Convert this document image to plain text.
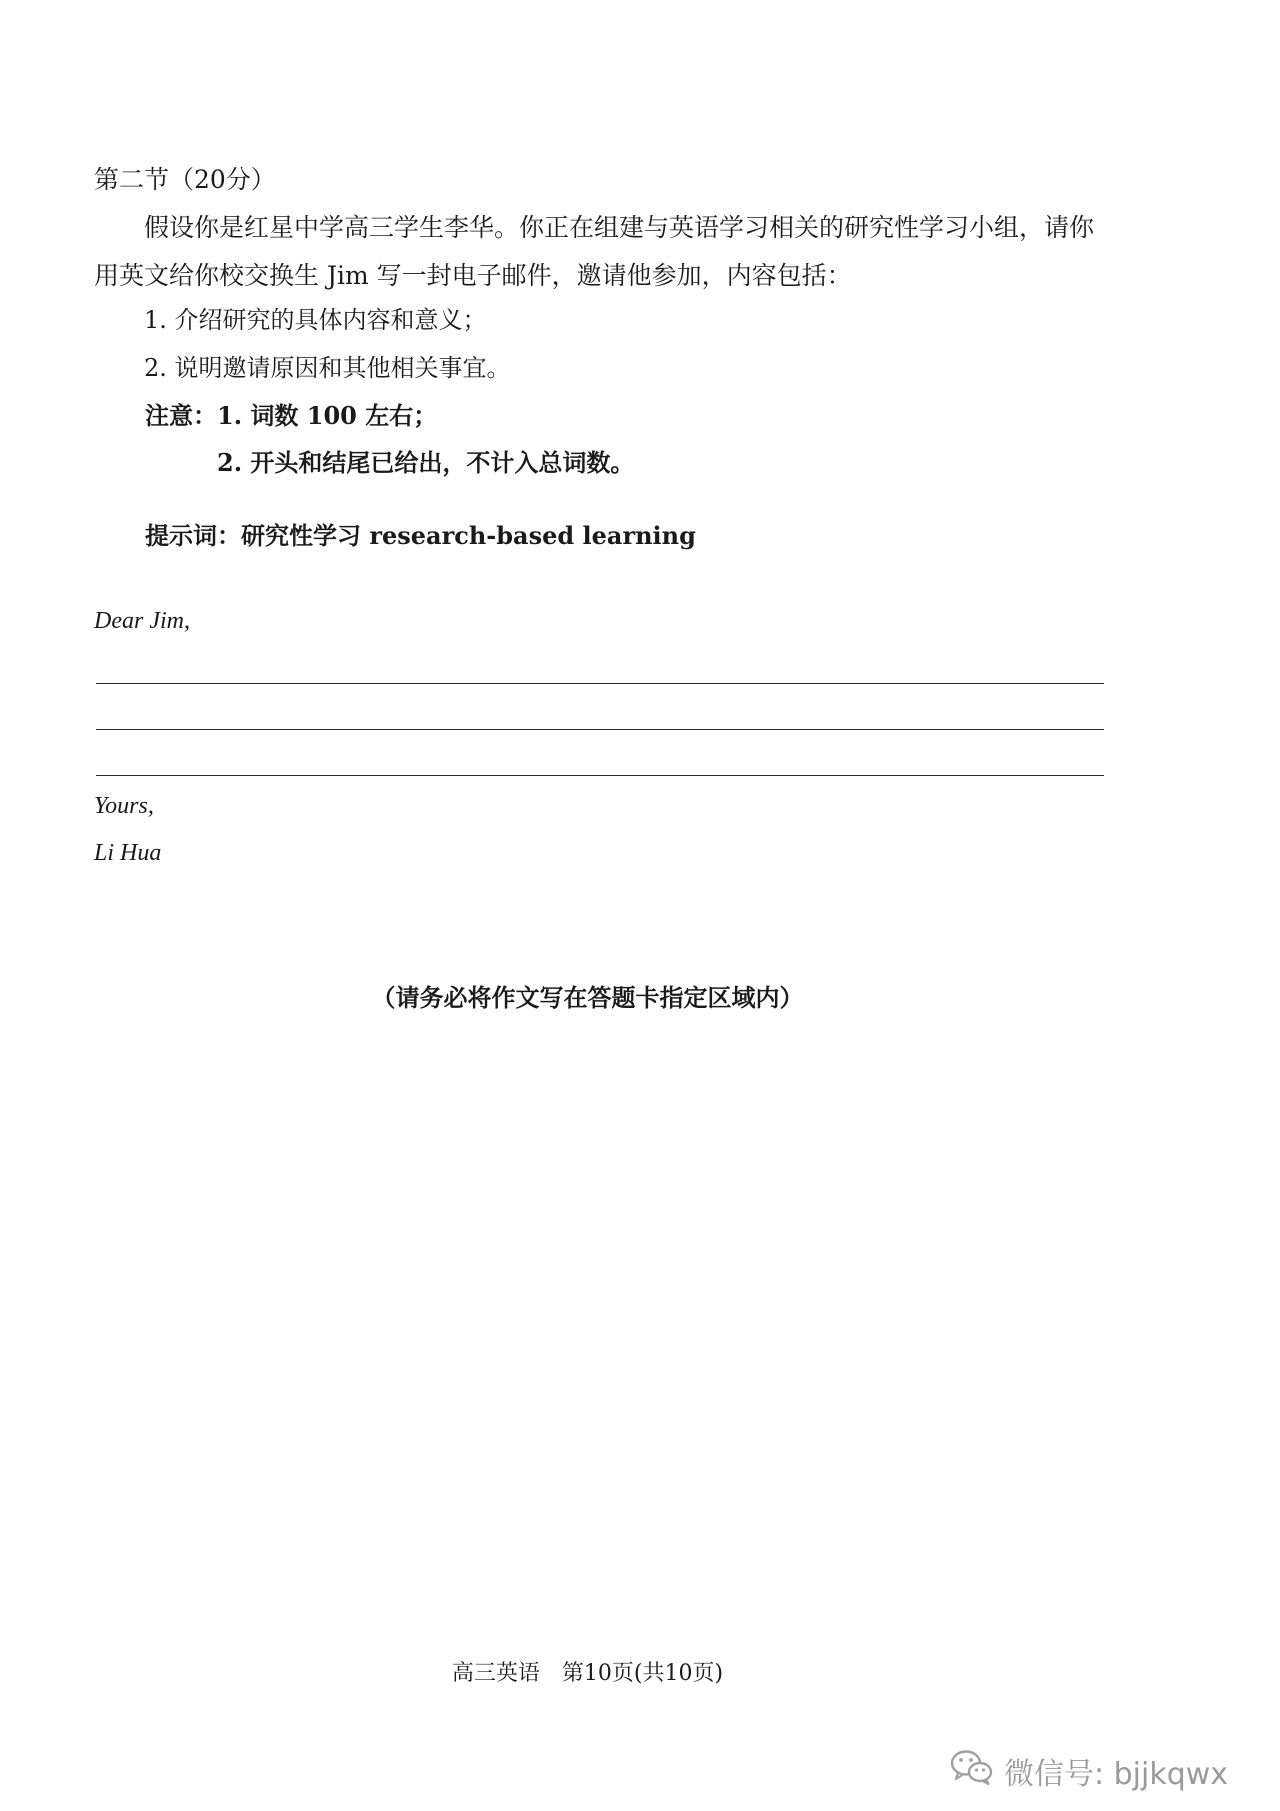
第二节（20分）
假设你是红星中学高三学生李华。你正在组建与英语学习相关的研究性学习小组，请你用英文给你校交换生 Jim 写一封电子邮件，邀请他参加，内容包括：
1. 介绍研究的具体内容和意义；
2. 说明邀请原因和其他相关事宜。
注意： 1. 词数 100 左右；
2. 开头和结尾已给出，不计入总词数。
提示词：研究性学习 research-based learning
Dear Jim,
Yours,
Li Hua
（请务必将作文写在答题卡指定区域内）
高三英语　第10页(共10页)
微信号: bjjkqwx
